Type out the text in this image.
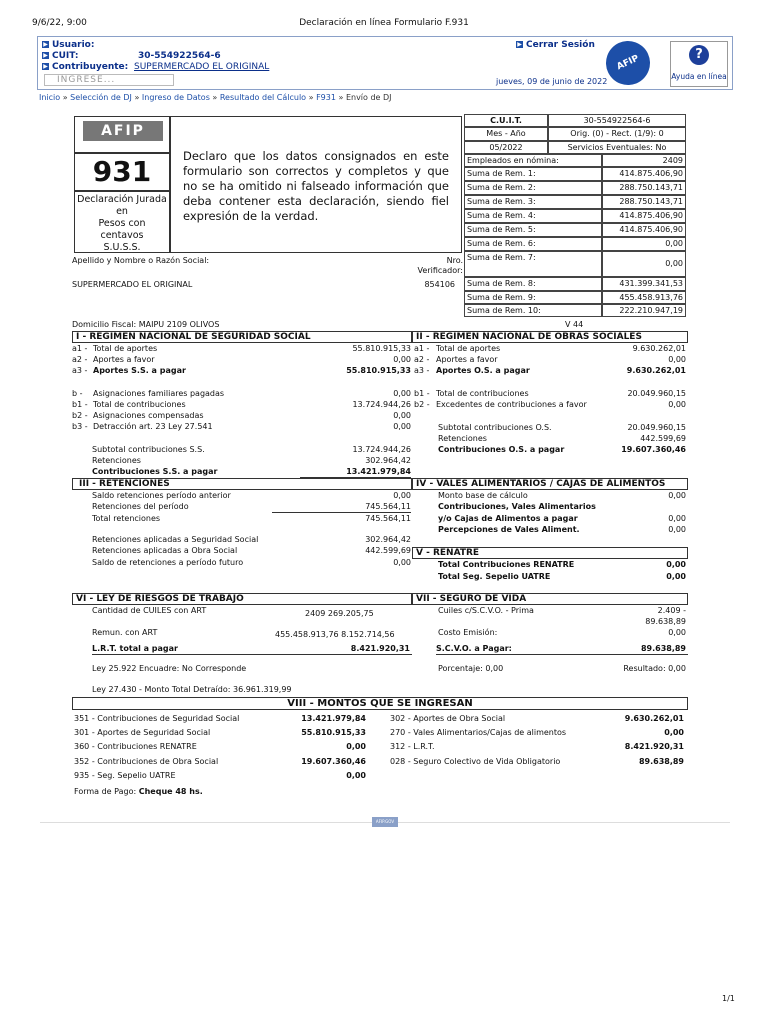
9/6/22, 9:00	Declaración en línea Formulario F.931
▶ Usuario:
▶ CUIT:	30-554922564-6
▶ Contribuyente: SUPERMERCADO EL ORIGINAL
INGRESE...
▶ Cerrar Sesión
jueves, 09 de junio de 2022
AFIP	?
Ayuda en línea
Inicio » Selección de DJ » Ingreso de Datos » Resultado del Cálculo » F931 » Envío de DJ
AFIP
931
Declaración Jurada
en
Pesos con
centavos
S.U.S.S.
Declaro que los datos consignados en este formulario son correctos y completos y que no se ha omitido ni falseado información que deba contener esta declaración, siendo fiel expresión de la verdad.
C.U.I.T.	30-554922564-6
Mes - Año	Orig. (0) - Rect. (1/9): 0
05/2022	Servicios Eventuales: No
Empleados en nómina:	2409
Suma de Rem. 1:	414.875.406,90
Suma de Rem. 2:	288.750.143,71
Suma de Rem. 3:	288.750.143,71
Suma de Rem. 4:	414.875.406,90
Suma de Rem. 5:	414.875.406,90
Suma de Rem. 6:	0,00
Suma de Rem. 7:
0,00
Suma de Rem. 8:	431.399.341,53
Suma de Rem. 9:	455.458.913,76
Suma de Rem. 10:	222.210.947,19
Apellido y Nombre o Razón Social:
SUPERMERCADO EL ORIGINAL
Nro. Verificador:
854106
Domicilio Fiscal: MAIPU 2109 OLIVOS	V 44
I - REGIMEN NACIONAL DE SEGURIDAD SOCIAL	II - REGIMEN NACIONAL DE OBRAS SOCIALES
a1 - Total de aportes	55.810.915,33
a2 - Aportes a favor	0,00
a3 - Aportes S.S. a pagar	55.810.915,33
b - Asignaciones familiares pagadas	0,00
b1 - Total de contribuciones	13.724.944,26
b2 - Asignaciones compensadas	0,00
b3 - Detracción art. 23 Ley 27.541	0,00
Subtotal contribuciones S.S.	13.724.944,26
Retenciones	302.964,42
Contribuciones S.S. a pagar	13.421.979,84
a1 - Total de aportes	9.630.262,01
a2 - Aportes a favor	0,00
a3 - Aportes O.S. a pagar	9.630.262,01
b1 - Total de contribuciones	20.049.960,15
b2 - Excedentes de contribuciones a favor	0,00
Subtotal contribuciones O.S.	20.049.960,15
Retenciones	442.599,69
Contribuciones O.S. a pagar	19.607.360,46
III - RETENCIONES	IV - VALES ALIMENTARIOS / CAJAS DE ALIMENTOS
Saldo retenciones período anterior	0,00
Retenciones del período	745.564,11
Total retenciones	745.564,11
Retenciones aplicadas a Seguridad Social	302.964,42
Retenciones aplicadas a Obra Social	442.599,69
Saldo de retenciones a período futuro	0,00
Monto base de cálculo	0,00
Contribuciones, Vales Alimentarios
y/o Cajas de Alimentos a pagar	0,00
Percepciones de Vales Aliment.	0,00
V - RENATRE
Total Contribuciones RENATRE	0,00
Total Seg. Sepelio UATRE	0,00
VI - LEY DE RIESGOS DE TRABAJO	VII - SEGURO DE VIDA
Cantidad de CUILES con ART	2409 269.205,75
Remun. con ART	455.458.913,76 8.152.714,56
L.R.T. total a pagar	8.421.920,31
Ley 25.922 Encuadre: No Corresponde
Cuiles c/S.C.V.O. - Prima	2.409 -
89.638,89
Costo Emisión:	0,00
S.C.V.O. a Pagar:	89.638,89
Porcentaje: 0,00	Resultado: 0,00
Ley 27.430 - Monto Total Detraído: 36.961.319,99
VIII - MONTOS QUE SE INGRESAN
351 - Contribuciones de Seguridad Social	13.421.979,84
301 - Aportes de Seguridad Social	55.810.915,33
360 - Contribuciones RENATRE	0,00
352 - Contribuciones de Obra Social	19.607.360,46
935 - Seg. Sepelio UATRE	0,00
302 - Aportes de Obra Social	9.630.262,01
270 - Vales Alimentarios/Cajas de alimentos	0,00
312 - L.R.T.	8.421.920,31
028 - Seguro Colectivo de Vida Obligatorio	89.638,89
Forma de Pago: Cheque 48 hs.
AFIP.GOV
1/1
